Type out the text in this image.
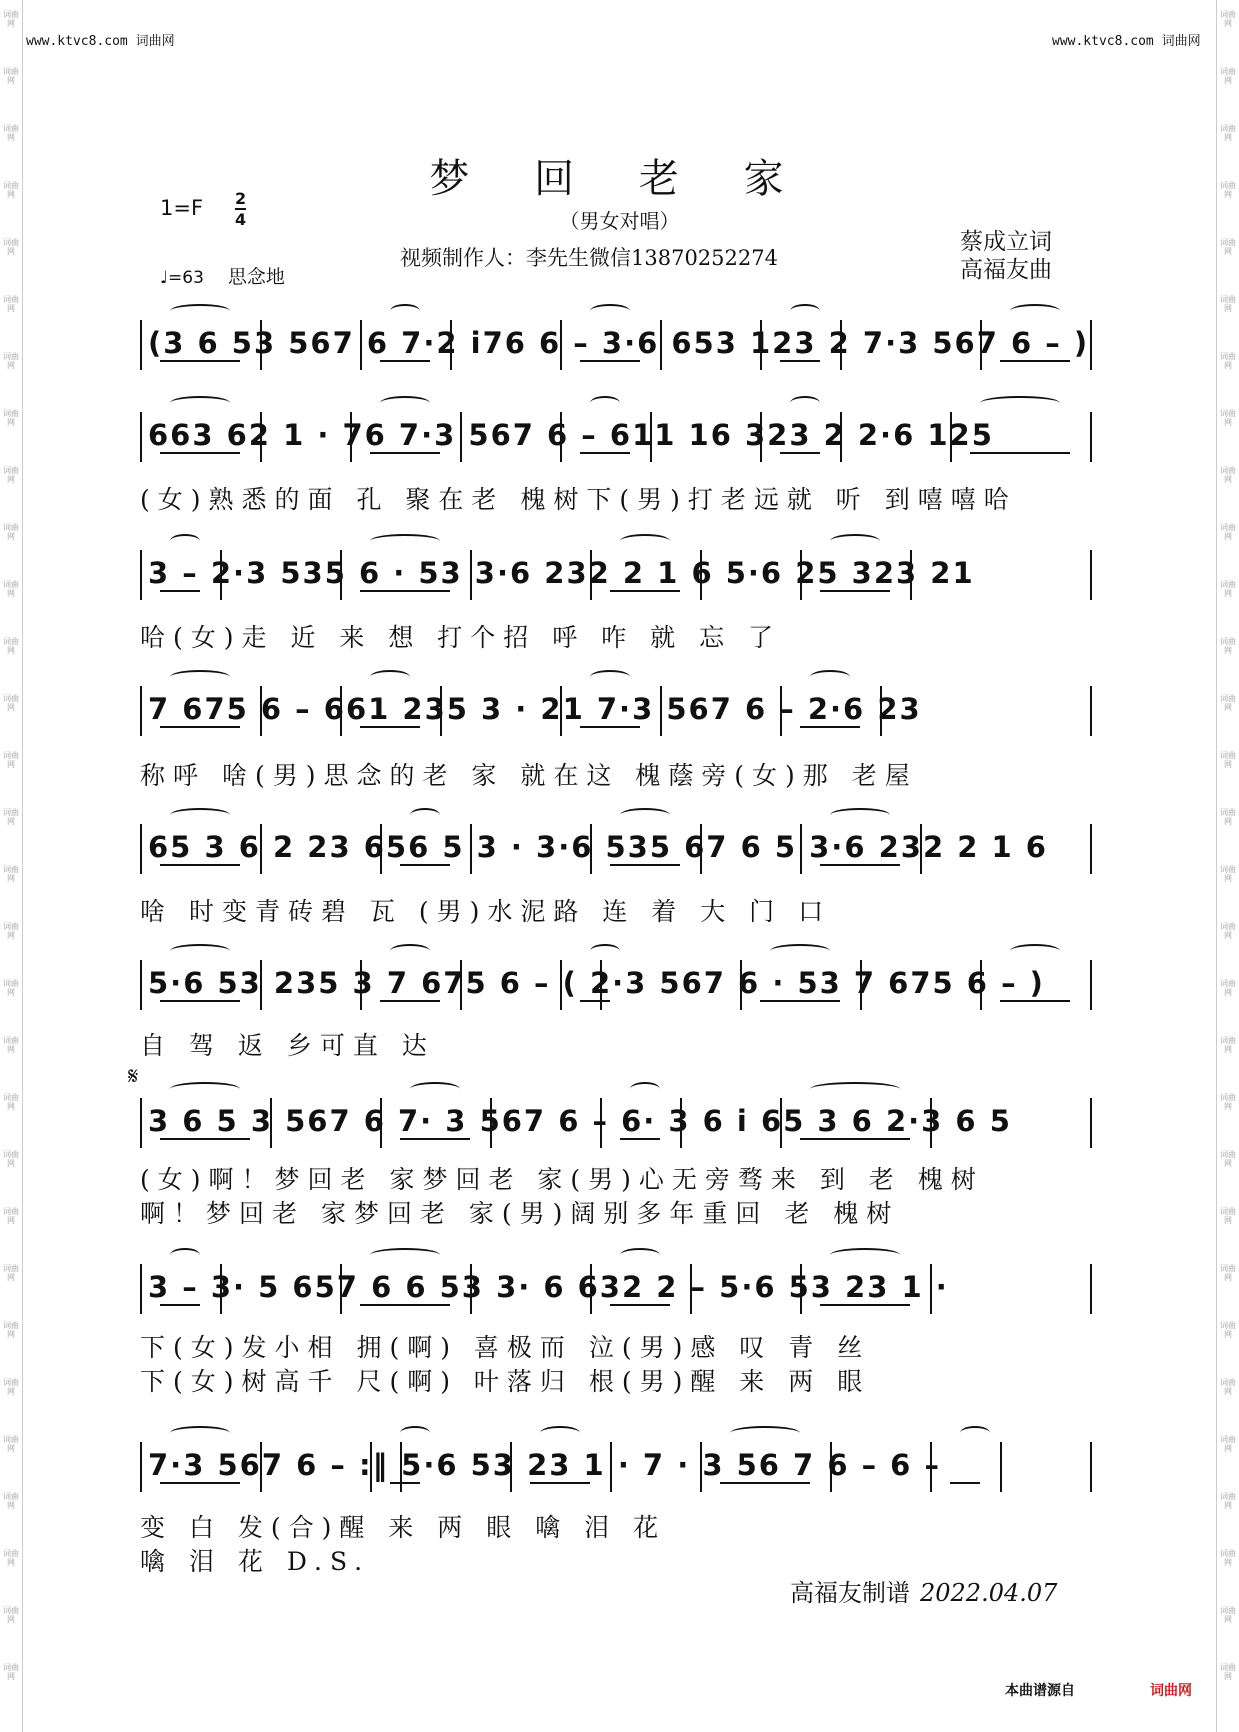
词曲网
词曲网
词曲网
词曲网
词曲网
词曲网
词曲网
词曲网
词曲网
词曲网
词曲网
词曲网
词曲网
词曲网
词曲网
词曲网
词曲网
词曲网
词曲网
词曲网
词曲网
词曲网
词曲网
词曲网
词曲网
词曲网
词曲网
词曲网
词曲网
词曲网
词曲网
词曲网
词曲网
词曲网
词曲网
词曲网
词曲网
词曲网
词曲网
词曲网
词曲网
词曲网
词曲网
词曲网
词曲网
词曲网
词曲网
词曲网
词曲网
词曲网
词曲网
词曲网
词曲网
词曲网
词曲网
词曲网
词曲网
词曲网
词曲网
词曲网
www.ktvc8.com 词曲网	www.ktvc8.com 词曲网
梦 回 老 家
（男女对唱）
1=F 2
4
视频制作人：李先生微信13870252274
蔡成立词
高福友曲
♩=63 思念地
(3 6 53 567 6 7·2 i76 6 – 3·6 653 123 2 7·3 567 6 – )
663 62 1 · 76 7·3 567 6 – 611 16 323 2 2·6 125
(女)熟悉的面 孔 聚在老 槐树下(男)打老远就 听 到嘻嘻哈
3 – 2·3 535 6 · 53 3·6 232 2 1 6 5·6 25 323 21
哈(女)走 近 来 想 打个招 呼 咋 就 忘 了
7 675 6 – 661 235 3 · 21 7·3 567 6 – 2·6 23
称呼 啥(男)思念的老 家 就在这 槐蔭旁(女)那 老屋
65 3 6 2 23 656 5 3 · 3·6 535 67 6 5 3·6 232 2 1 6
啥 时变青砖碧 瓦 (男)水泥路 连 着 大 门 口
5·6 53 235 3 7 675 6 – ( 2·3 567 6 · 53 7 675 6 – )
自 驾 返 乡可直 达
3 6 5 3 567 6 7· 3 567 6 – 6· 3 6 i 65 3 6 2·3 6 5
(女)啊！梦回老 家梦回老 家(男)心无旁骛来 到 老 槐树
啊！梦回老 家梦回老 家(男)阔别多年重回 老 槐树
3 – 3· 5 657 6 6 53 3· 6 632 2 – 5·6 53 23 1 ·
下(女)发小相 拥(啊) 喜极而 泣(男)感 叹 青 丝
下(女)树高千 尺(啊) 叶落归 根(男)醒 来 两 眼
7·3 567 6 – :‖ 5·6 53 23 1 · 7 · 3 56 7 6 – 6 –
变 白 发(合)醒 来 两 眼 噙 泪 花
噙 泪 花 D.S.
𝄋
高福友制谱 2022.04.07
本曲谱源自	词曲网
